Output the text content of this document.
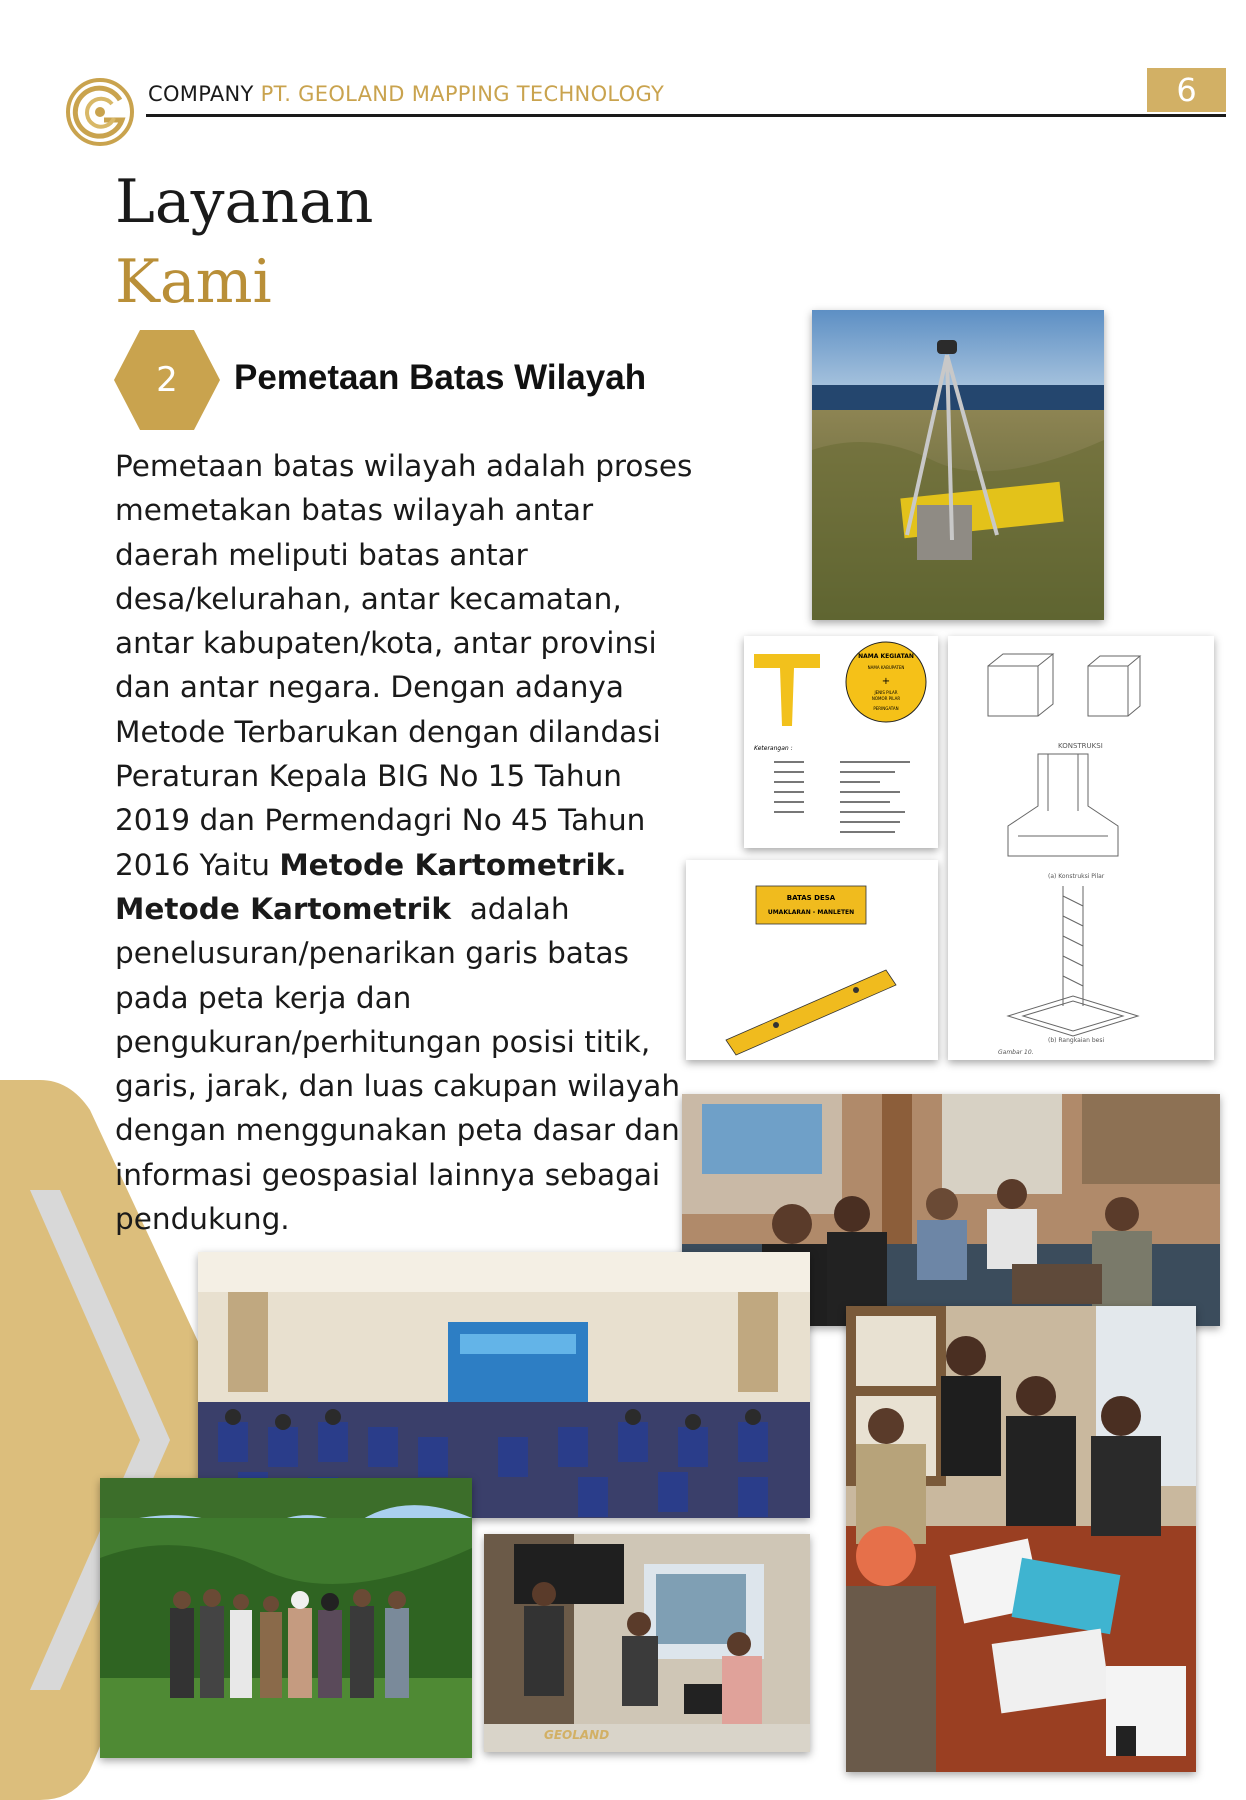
COMPANY PT. GEOLAND MAPPING TECHNOLOGY	6
Layanan
Kami
2	Pemetaan Batas Wilayah

Pemetaan batas wilayah adalah proses

memetakan batas wilayah antar

daerah meliputi batas antar

desa/kelurahan, antar kecamatan,

antar kabupaten/kota, antar provinsi

dan antar negara. Dengan adanya

Metode Terbarukan dengan dilandasi

Peraturan Kepala BIG No 15 Tahun

2019 dan Permendagri No 45 Tahun

2016 Yaitu Metode Kartometrik.

Metode Kartometrik  adalah

penelusuran/penarikan garis batas

pada peta kerja dan

pengukuran/perhitungan posisi titik,

garis, jarak, dan luas cakupan wilayah

dengan menggunakan peta dasar dan

informasi geospasial lainnya sebagai

pendukung.

NAMA KEGIATAN
NAMA KABUPATEN
+
JENIS PILAR
NOMOR PILAR
PERINGATAN
Keterangan :	KONSTRUKSI
(a) Konstruksi Pilar
(b) Rangkaian besi
Gambar 10.
BATAS DESA
UMAKLARAN - MANLETEN
GEOLAND
